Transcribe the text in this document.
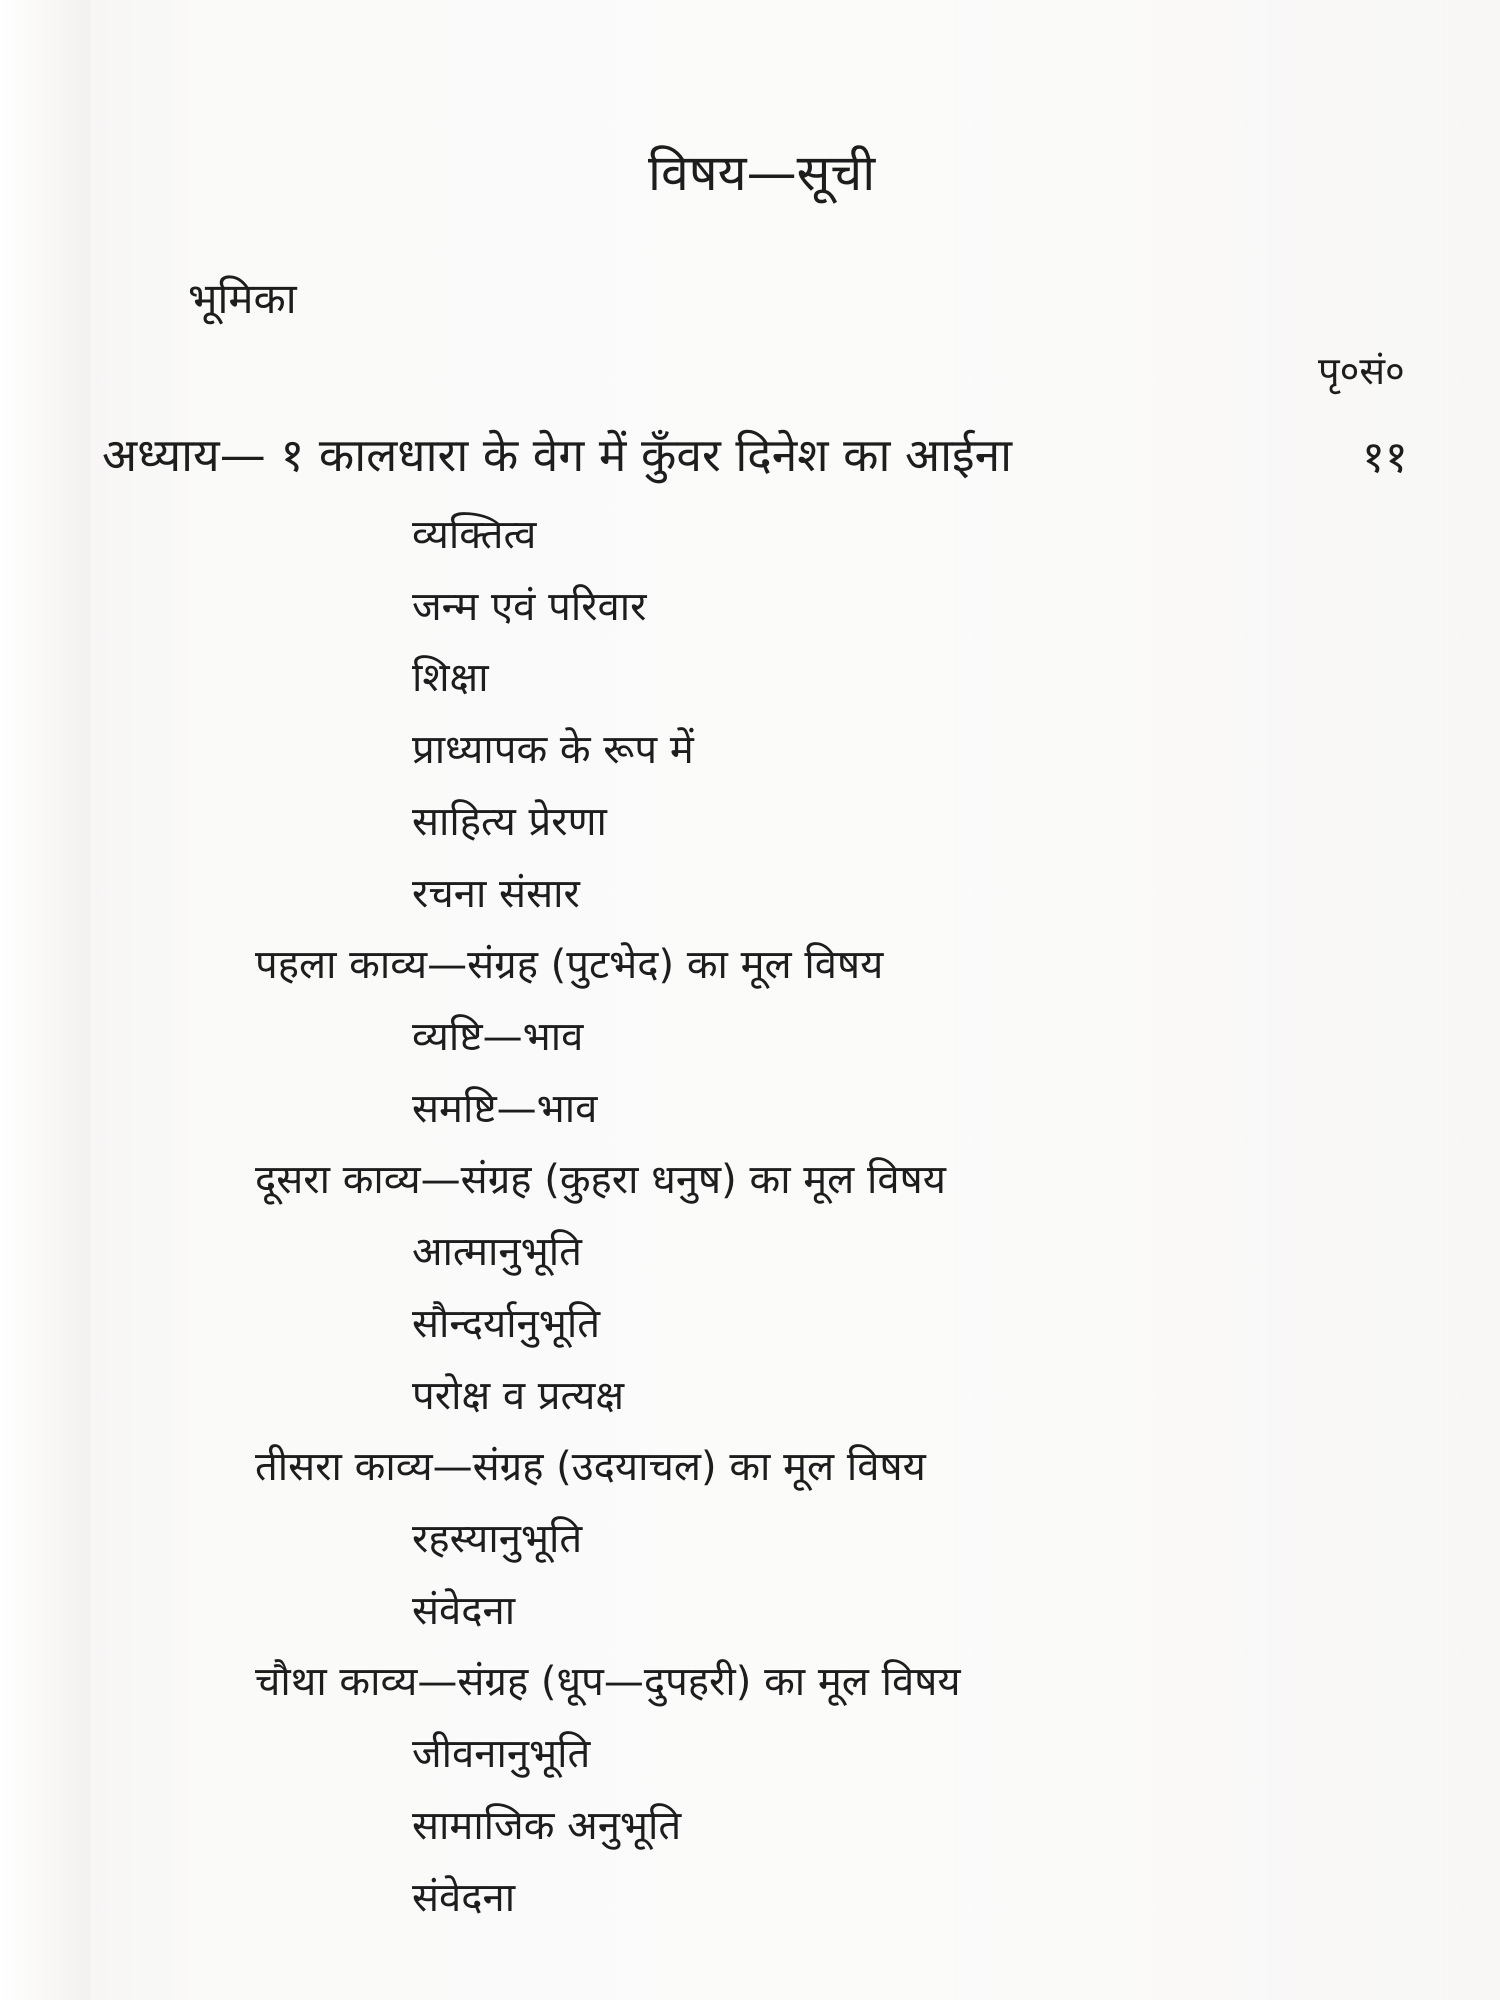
विषय—सूची
भूमिका
पृ०सं०
अध्याय— १ कालधारा के वेग में कुँवर दिनेश का आईना	११
व्यक्तित्व
जन्म एवं परिवार
शिक्षा
प्राध्यापक के रूप में
साहित्य प्रेरणा
रचना संसार
पहला काव्य—संग्रह (पुटभेद) का मूल विषय
व्यष्टि—भाव
समष्टि—भाव
दूसरा काव्य—संग्रह (कुहरा धनुष) का मूल विषय
आत्मानुभूति
सौन्दर्यानुभूति
परोक्ष व प्रत्यक्ष
तीसरा काव्य—संग्रह (उदयाचल) का मूल विषय
रहस्यानुभूति
संवेदना
चौथा काव्य—संग्रह (धूप—दुपहरी) का मूल विषय
जीवनानुभूति
सामाजिक अनुभूति
संवेदना
